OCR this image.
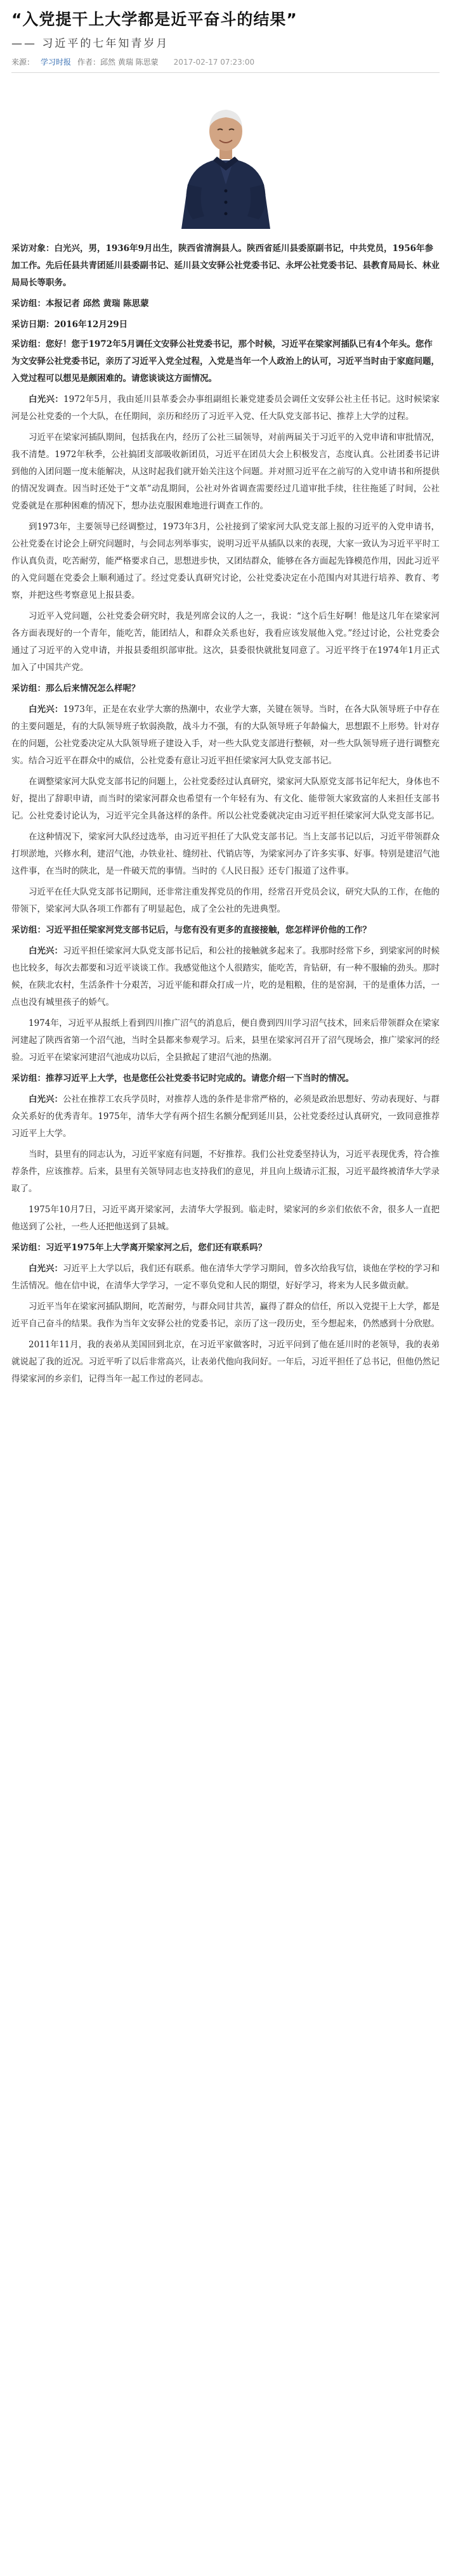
“入党提干上大学都是近平奋斗的结果”
—— 习近平的七年知青岁月
来源： 学习时报 作者：邱然 黄瑞 陈思蒙 2017-02-17 07:23:00
采访对象：白光兴，男，1936年9月出生，陕西省清涧县人。陕西省延川县委原副书记，中共党员，1956年参加工作。先后任县共青团延川县委副书记、延川县文安驿公社党委书记、永坪公社党委书记、县教育局局长、林业局局长等职务。
采访组：本报记者 邱然 黄瑞 陈思蒙
采访日期：2016年12月29日
采访组：您好！您于1972年5月调任文安驿公社党委书记，那个时候，习近平在梁家河插队已有4个年头。您作为文安驿公社党委书记，亲历了习近平入党全过程，入党是当年一个人政治上的认可，习近平当时由于家庭问题，入党过程可以想见是颇困难的。请您谈谈这方面情况。
白光兴：1972年5月，我由延川县革委会办事组副组长兼党建委员会调任文安驿公社主任书记。这时候梁家河是公社党委的一个大队，在任期间，亲历和经历了习近平入党、任大队党支部书记、推荐上大学的过程。
习近平在梁家河插队期间，包括我在内，经历了公社三届领导，对前两届关于习近平的入党申请和审批情况，我不清楚。1972年秋季，公社搞团支部吸收新团员，习近平在团员大会上积极发言，态度认真。公社团委书记讲到他的入团问题一度未能解决，从这时起我们就开始关注这个问题。并对照习近平在之前写的入党申请书和所提供的情况发调查。因当时还处于“文革”动乱期间，公社对外省调查需要经过几道审批手续，往往拖延了时间，公社党委就是在那种困难的情况下，想办法克服困难地进行调查工作的。
到1973年，主要领导已经调整过，1973年3月，公社接到了梁家河大队党支部上报的习近平的入党申请书，公社党委在讨论会上研究问题时，与会同志列举事实，说明习近平从插队以来的表现，大家一致认为习近平平时工作认真负责，吃苦耐劳，能严格要求自己，思想进步快，又团结群众，能够在各方面起先锋模范作用，因此习近平的入党问题在党委会上顺利通过了。经过党委认真研究讨论，公社党委决定在小范围内对其进行培养、教育、考察，并把这些考察意见上报县委。
习近平入党问题，公社党委会研究时，我是列席会议的人之一，我说：“这个后生好啊！他是这几年在梁家河各方面表现好的一个青年，能吃苦，能团结人，和群众关系也好，我看应该发展他入党。”经过讨论，公社党委会通过了习近平的入党申请，并报县委组织部审批。这次，县委很快就批复同意了。习近平终于在1974年1月正式加入了中国共产党。
采访组：那么后来情况怎么样呢？
白光兴：1973年，正是在农业学大寨的热潮中，农业学大寨，关键在领导。当时，在各大队领导班子中存在的主要问题是，有的大队领导班子软弱涣散，战斗力不强，有的大队领导班子年龄偏大，思想跟不上形势。针对存在的问题，公社党委决定从大队领导班子建设入手，对一些大队党支部进行整顿，对一些大队领导班子进行调整充实。结合习近平在群众中的威信，公社党委有意让习近平担任梁家河大队党支部书记。
在调整梁家河大队党支部书记的问题上，公社党委经过认真研究，梁家河大队原党支部书记年纪大，身体也不好，提出了辞职申请，而当时的梁家河群众也希望有一个年轻有为、有文化、能带领大家致富的人来担任支部书记。公社党委讨论认为，习近平完全具备这样的条件。所以公社党委就决定由习近平担任梁家河大队党支部书记。
在这种情况下，梁家河大队经过选举，由习近平担任了大队党支部书记。当上支部书记以后，习近平带领群众打坝淤地，兴修水利，建沼气池，办铁业社、缝纫社、代销店等，为梁家河办了许多实事、好事。特别是建沼气池这件事，在当时的陕北，是一件破天荒的事情。当时的《人民日报》还专门报道了这件事。
习近平在任大队党支部书记期间，还非常注重发挥党员的作用，经常召开党员会议，研究大队的工作，在他的带领下，梁家河大队各项工作都有了明显起色，成了全公社的先进典型。
采访组：习近平担任梁家河党支部书记后，与您有没有更多的直接接触，您怎样评价他的工作？
白光兴：习近平担任梁家河大队党支部书记后，和公社的接触就多起来了。我那时经常下乡，到梁家河的时候也比较多，每次去都要和习近平谈谈工作。我感觉他这个人很踏实，能吃苦，肯钻研，有一种不服输的劲头。那时候，在陕北农村，生活条件十分艰苦，习近平能和群众打成一片，吃的是粗粮，住的是窑洞，干的是重体力活，一点也没有城里孩子的娇气。
1974年，习近平从报纸上看到四川推广沼气的消息后，便自费到四川学习沼气技术，回来后带领群众在梁家河建起了陕西省第一个沼气池，当时全县都来参观学习。后来，县里在梁家河召开了沼气现场会，推广梁家河的经验。习近平在梁家河建沼气池成功以后，全县掀起了建沼气池的热潮。
采访组：推荐习近平上大学，也是您任公社党委书记时完成的。请您介绍一下当时的情况。
白光兴：公社在推荐工农兵学员时，对推荐人选的条件是非常严格的，必须是政治思想好、劳动表现好、与群众关系好的优秀青年。1975年，清华大学有两个招生名额分配到延川县，公社党委经过认真研究，一致同意推荐习近平上大学。
当时，县里有的同志认为，习近平家庭有问题，不好推荐。我们公社党委坚持认为，习近平表现优秀，符合推荐条件，应该推荐。后来，县里有关领导同志也支持我们的意见，并且向上级请示汇报，习近平最终被清华大学录取了。
1975年10月7日，习近平离开梁家河，去清华大学报到。临走时，梁家河的乡亲们依依不舍，很多人一直把他送到了公社，一些人还把他送到了县城。
采访组：习近平1975年上大学离开梁家河之后，您们还有联系吗？
白光兴：习近平上大学以后，我们还有联系。他在清华大学学习期间，曾多次给我写信，谈他在学校的学习和生活情况。他在信中说，在清华大学学习，一定不辜负党和人民的期望，好好学习，将来为人民多做贡献。
习近平当年在梁家河插队期间，吃苦耐劳，与群众同甘共苦，赢得了群众的信任，所以入党提干上大学，都是近平自己奋斗的结果。我作为当年文安驿公社的党委书记，亲历了这一段历史，至今想起来，仍然感到十分欣慰。
2011年11月，我的表弟从美国回到北京，在习近平家做客时，习近平问到了他在延川时的老领导，我的表弟就说起了我的近况。习近平听了以后非常高兴，让表弟代他向我问好。一年后，习近平担任了总书记，但他仍然记得梁家河的乡亲们，记得当年一起工作过的老同志。
